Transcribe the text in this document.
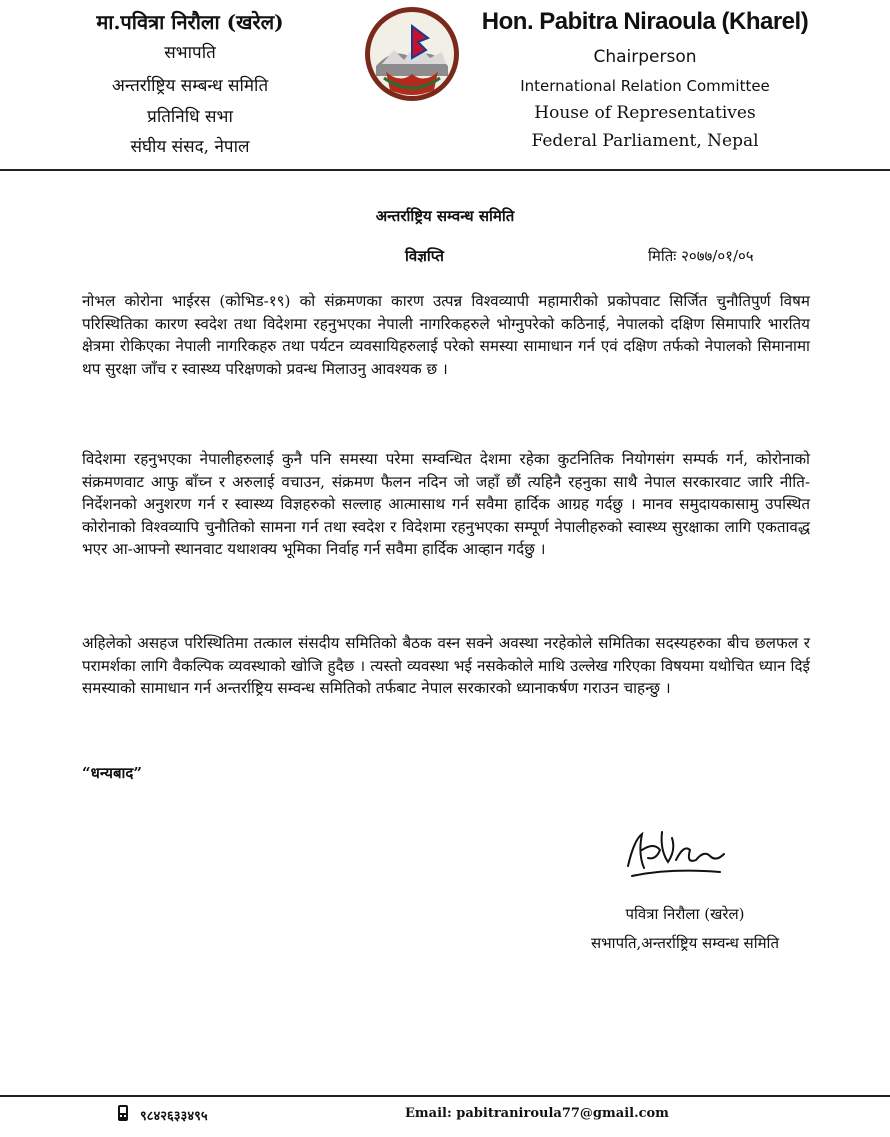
मा.पवित्रा निरौला (खरेल)
सभापति
अन्तर्राष्ट्रिय सम्बन्ध समिति
प्रतिनिधि सभा
संघीय संसद, नेपाल
Hon. Pabitra Niraoula (Kharel)
Chairperson
International Relation Committee
House of Representatives
Federal Parliament, Nepal
अन्तर्राष्ट्रिय सम्वन्ध समिति
विज्ञप्ति	मितिः २०७७/०१/०५
नोभल कोरोना भाईरस (कोभिड-१९) को संक्रमणका कारण उत्पन्न विश्वव्यापी महामारीको प्रकोपवाट सिर्जित चुनौतिपुर्ण विषम परिस्थितिका कारण स्वदेश तथा विदेशमा रहनुभएका नेपाली नागरिकहरुले भोग्नुपरेको कठिनाई, नेपालको दक्षिण सिमापारि भारतिय क्षेत्रमा रोकिएका नेपाली नागरिकहरु तथा पर्यटन व्यवसायिहरुलाई परेको समस्या सामाधान गर्न एवं दक्षिण तर्फको नेपालको सिमानामा थप सुरक्षा जाँच र स्वास्थ्य परिक्षणको प्रवन्ध मिलाउनु आवश्यक छ ।
विदेशमा रहनुभएका नेपालीहरुलाई कुनै पनि समस्या परेमा सम्वन्धित देशमा रहेका कुटनितिक नियोगसंग सम्पर्क गर्न, कोरोनाको संक्रमणवाट आफु बाँच्न र अरुलाई वचाउन, संक्रमण फैलन नदिन जो जहाँ छौं त्यहिनै रहनुका साथै नेपाल सरकारवाट जारि नीति-निर्देशनको अनुशरण गर्न र स्वास्थ्य विज्ञहरुको सल्लाह आत्मासाथ गर्न सवैमा हार्दिक आग्रह गर्दछु । मानव समुदायकासामु उपस्थित कोरोनाको विश्वव्यापि चुनौतिको सामना गर्न तथा स्वदेश र विदेशमा रहनुभएका सम्पूर्ण नेपालीहरुको स्वास्थ्य सुरक्षाका लागि एकतावद्ध भएर आ-आफ्नो स्थानवाट यथाशक्य भूमिका निर्वाह गर्न सवैमा हार्दिक आव्हान गर्दछु ।
अहिलेको असहज परिस्थितिमा तत्काल संसदीय समितिको बैठक वस्न सक्ने अवस्था नरहेकोले समितिका सदस्यहरुका बीच छलफल र परामर्शका लागि वैकल्पिक व्यवस्थाको खोजि हुदैछ । त्यस्तो व्यवस्था भई नसकेकोले माथि उल्लेख गरिएका विषयमा यथोचित ध्यान दिई समस्याको सामाधान गर्न अन्तर्राष्ट्रिय सम्वन्ध समितिको तर्फबाट नेपाल सरकारको ध्यानाकर्षण गराउन चाहन्छु ।
“धन्यबाद”
पवित्रा निरौला (खरेल)
सभापति,अन्तर्राष्ट्रिय सम्वन्ध समिति
९८४२६३३४९५	Email: pabitraniroula77@gmail.com
